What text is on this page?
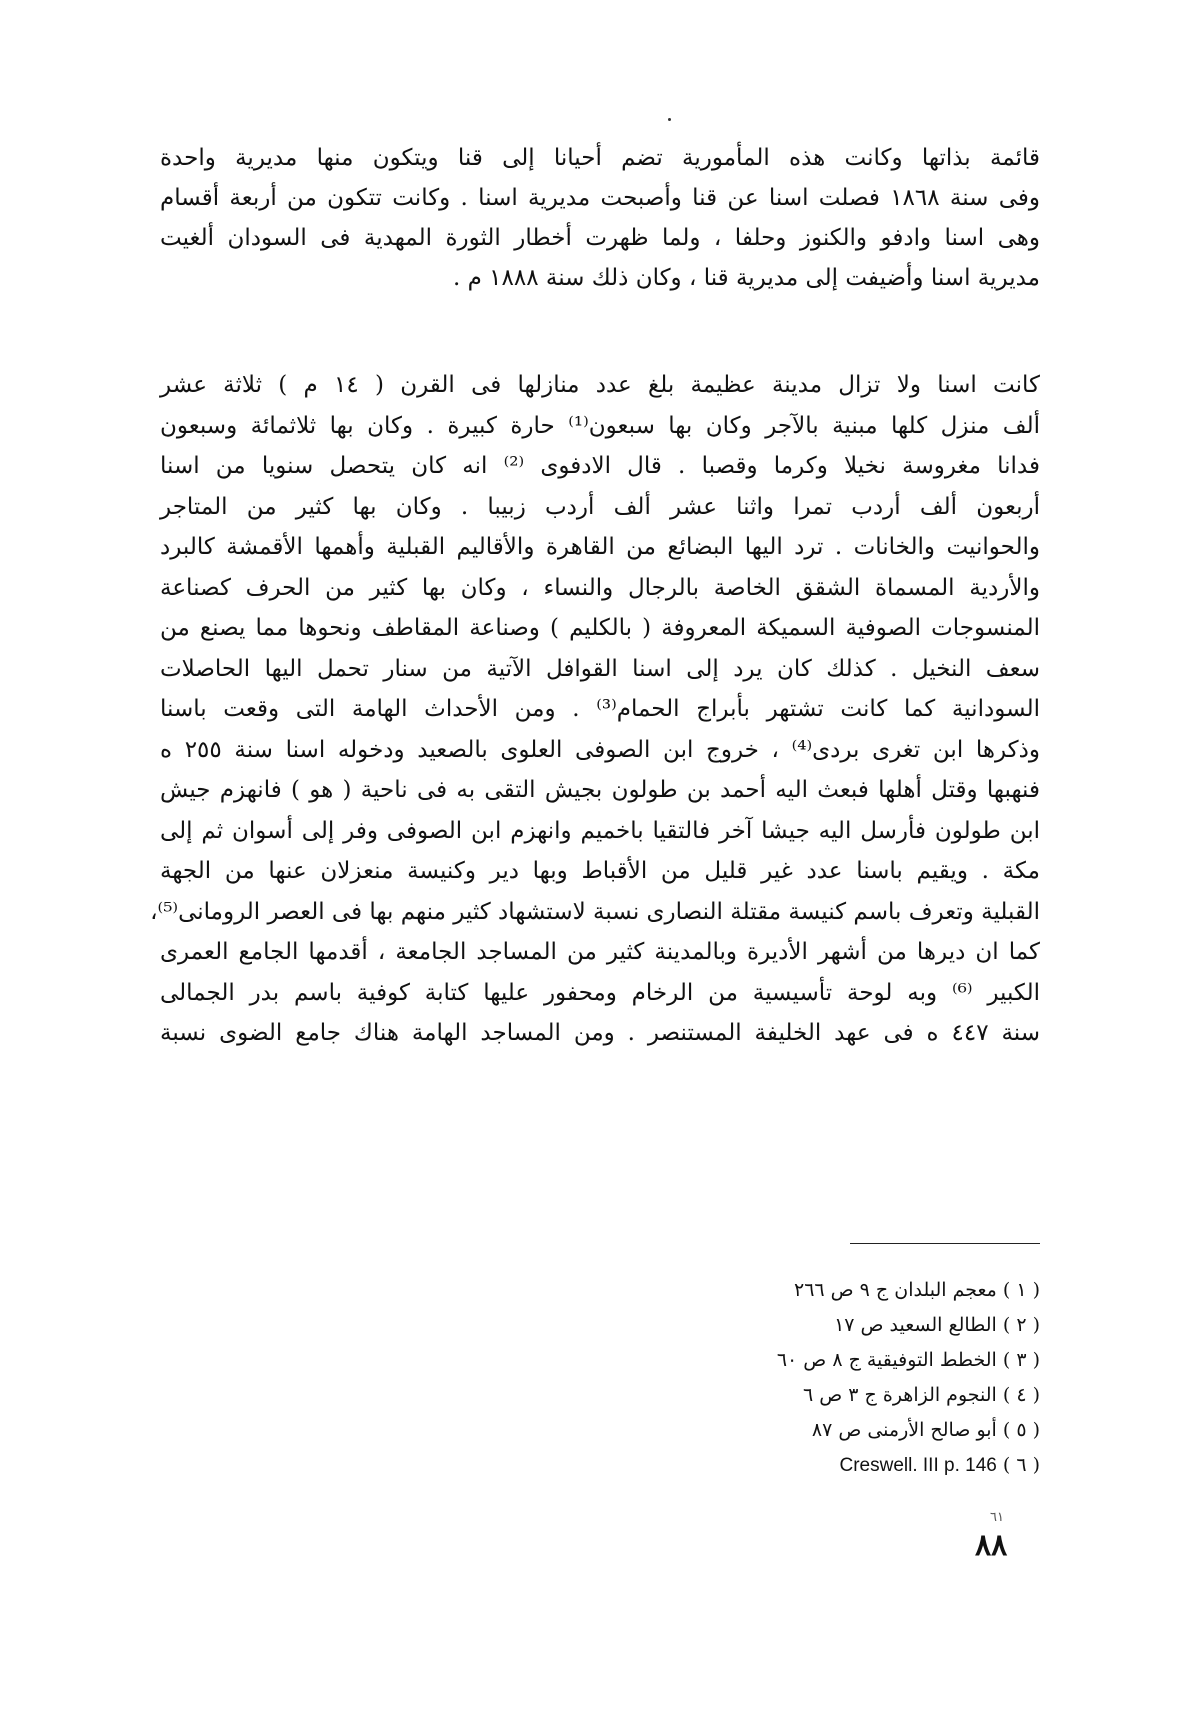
قائمة بذاتها وكانت هذه المأمورية تضم أحيانا إلى قنا ويتكون منها مديرية واحدة
وفى سنة ١٨٦٨ فصلت اسنا عن قنا وأصبحت مديرية اسنا . وكانت تتكون من أربعة أقسام
وهى اسنا وادفو والكنوز وحلفا ، ولما ظهرت أخطار الثورة المهدية فى السودان ألغيت
مديرية اسنا وأضيفت إلى مديرية قنا ، وكان ذلك سنة ١٨٨٨ م .
كانت اسنا ولا تزال مدينة عظيمة بلغ عدد منازلها فى القرن ( ١٤ م ) ثلاثة عشر
ألف منزل كلها مبنية بالآجر وكان بها سبعون⁽¹⁾ حارة كبيرة . وكان بها ثلاثمائة وسبعون
فدانا مغروسة نخيلا وكرما وقصبا . قال الادفوى ⁽²⁾ انه كان يتحصل سنويا من اسنا
أربعون ألف أردب تمرا واثنا عشر ألف أردب زبيبا . وكان بها كثير من المتاجر
والحوانيت والخانات . ترد اليها البضائع من القاهرة والأقاليم القبلية وأهمها الأقمشة كالبرد
والأردية المسماة الشقق الخاصة بالرجال والنساء ، وكان بها كثير من الحرف كصناعة
المنسوجات الصوفية السميكة المعروفة ( بالكليم ) وصناعة المقاطف ونحوها مما يصنع من
سعف النخيل . كذلك كان يرد إلى اسنا القوافل الآتية من سنار تحمل اليها الحاصلات
السودانية كما كانت تشتهر بأبراج الحمام⁽³⁾ . ومن الأحداث الهامة التى وقعت باسنا
وذكرها ابن تغرى بردى⁽⁴⁾ ، خروج ابن الصوفى العلوى بالصعيد ودخوله اسنا سنة ٢٥٥ ه
فنهبها وقتل أهلها فبعث اليه أحمد بن طولون بجيش التقى به فى ناحية ( هو ) فانهزم جيش
ابن طولون فأرسل اليه جيشا آخر فالتقيا باخميم وانهزم ابن الصوفى وفر إلى أسوان ثم إلى
مكة . ويقيم باسنا عدد غير قليل من الأقباط وبها دير وكنيسة منعزلان عنها من الجهة
القبلية وتعرف باسم كنيسة مقتلة النصارى نسبة لاستشهاد كثير منهم بها فى العصر الرومانى⁽⁵⁾،
كما ان ديرها من أشهر الأديرة وبالمدينة كثير من المساجد الجامعة ، أقدمها الجامع العمرى
الكبير ⁽⁶⁾ وبه لوحة تأسيسية من الرخام ومحفور عليها كتابة كوفية باسم بدر الجمالى
سنة ٤٤٧ ه فى عهد الخليفة المستنصر . ومن المساجد الهامة هناك جامع الضوى نسبة
( ١ ) معجم البلدان ج ٩ ص ٢٦٦
( ٢ ) الطالع السعيد ص ١٧
( ٣ ) الخطط التوفيقية ج ٨ ص ٦٠
( ٤ ) النجوم الزاهرة ج ٣ ص ٦
( ٥ ) أبو صالح الأرمنى ص ٨٧
( ٦ ) Creswell. III p. 146
٦١
٨٨
